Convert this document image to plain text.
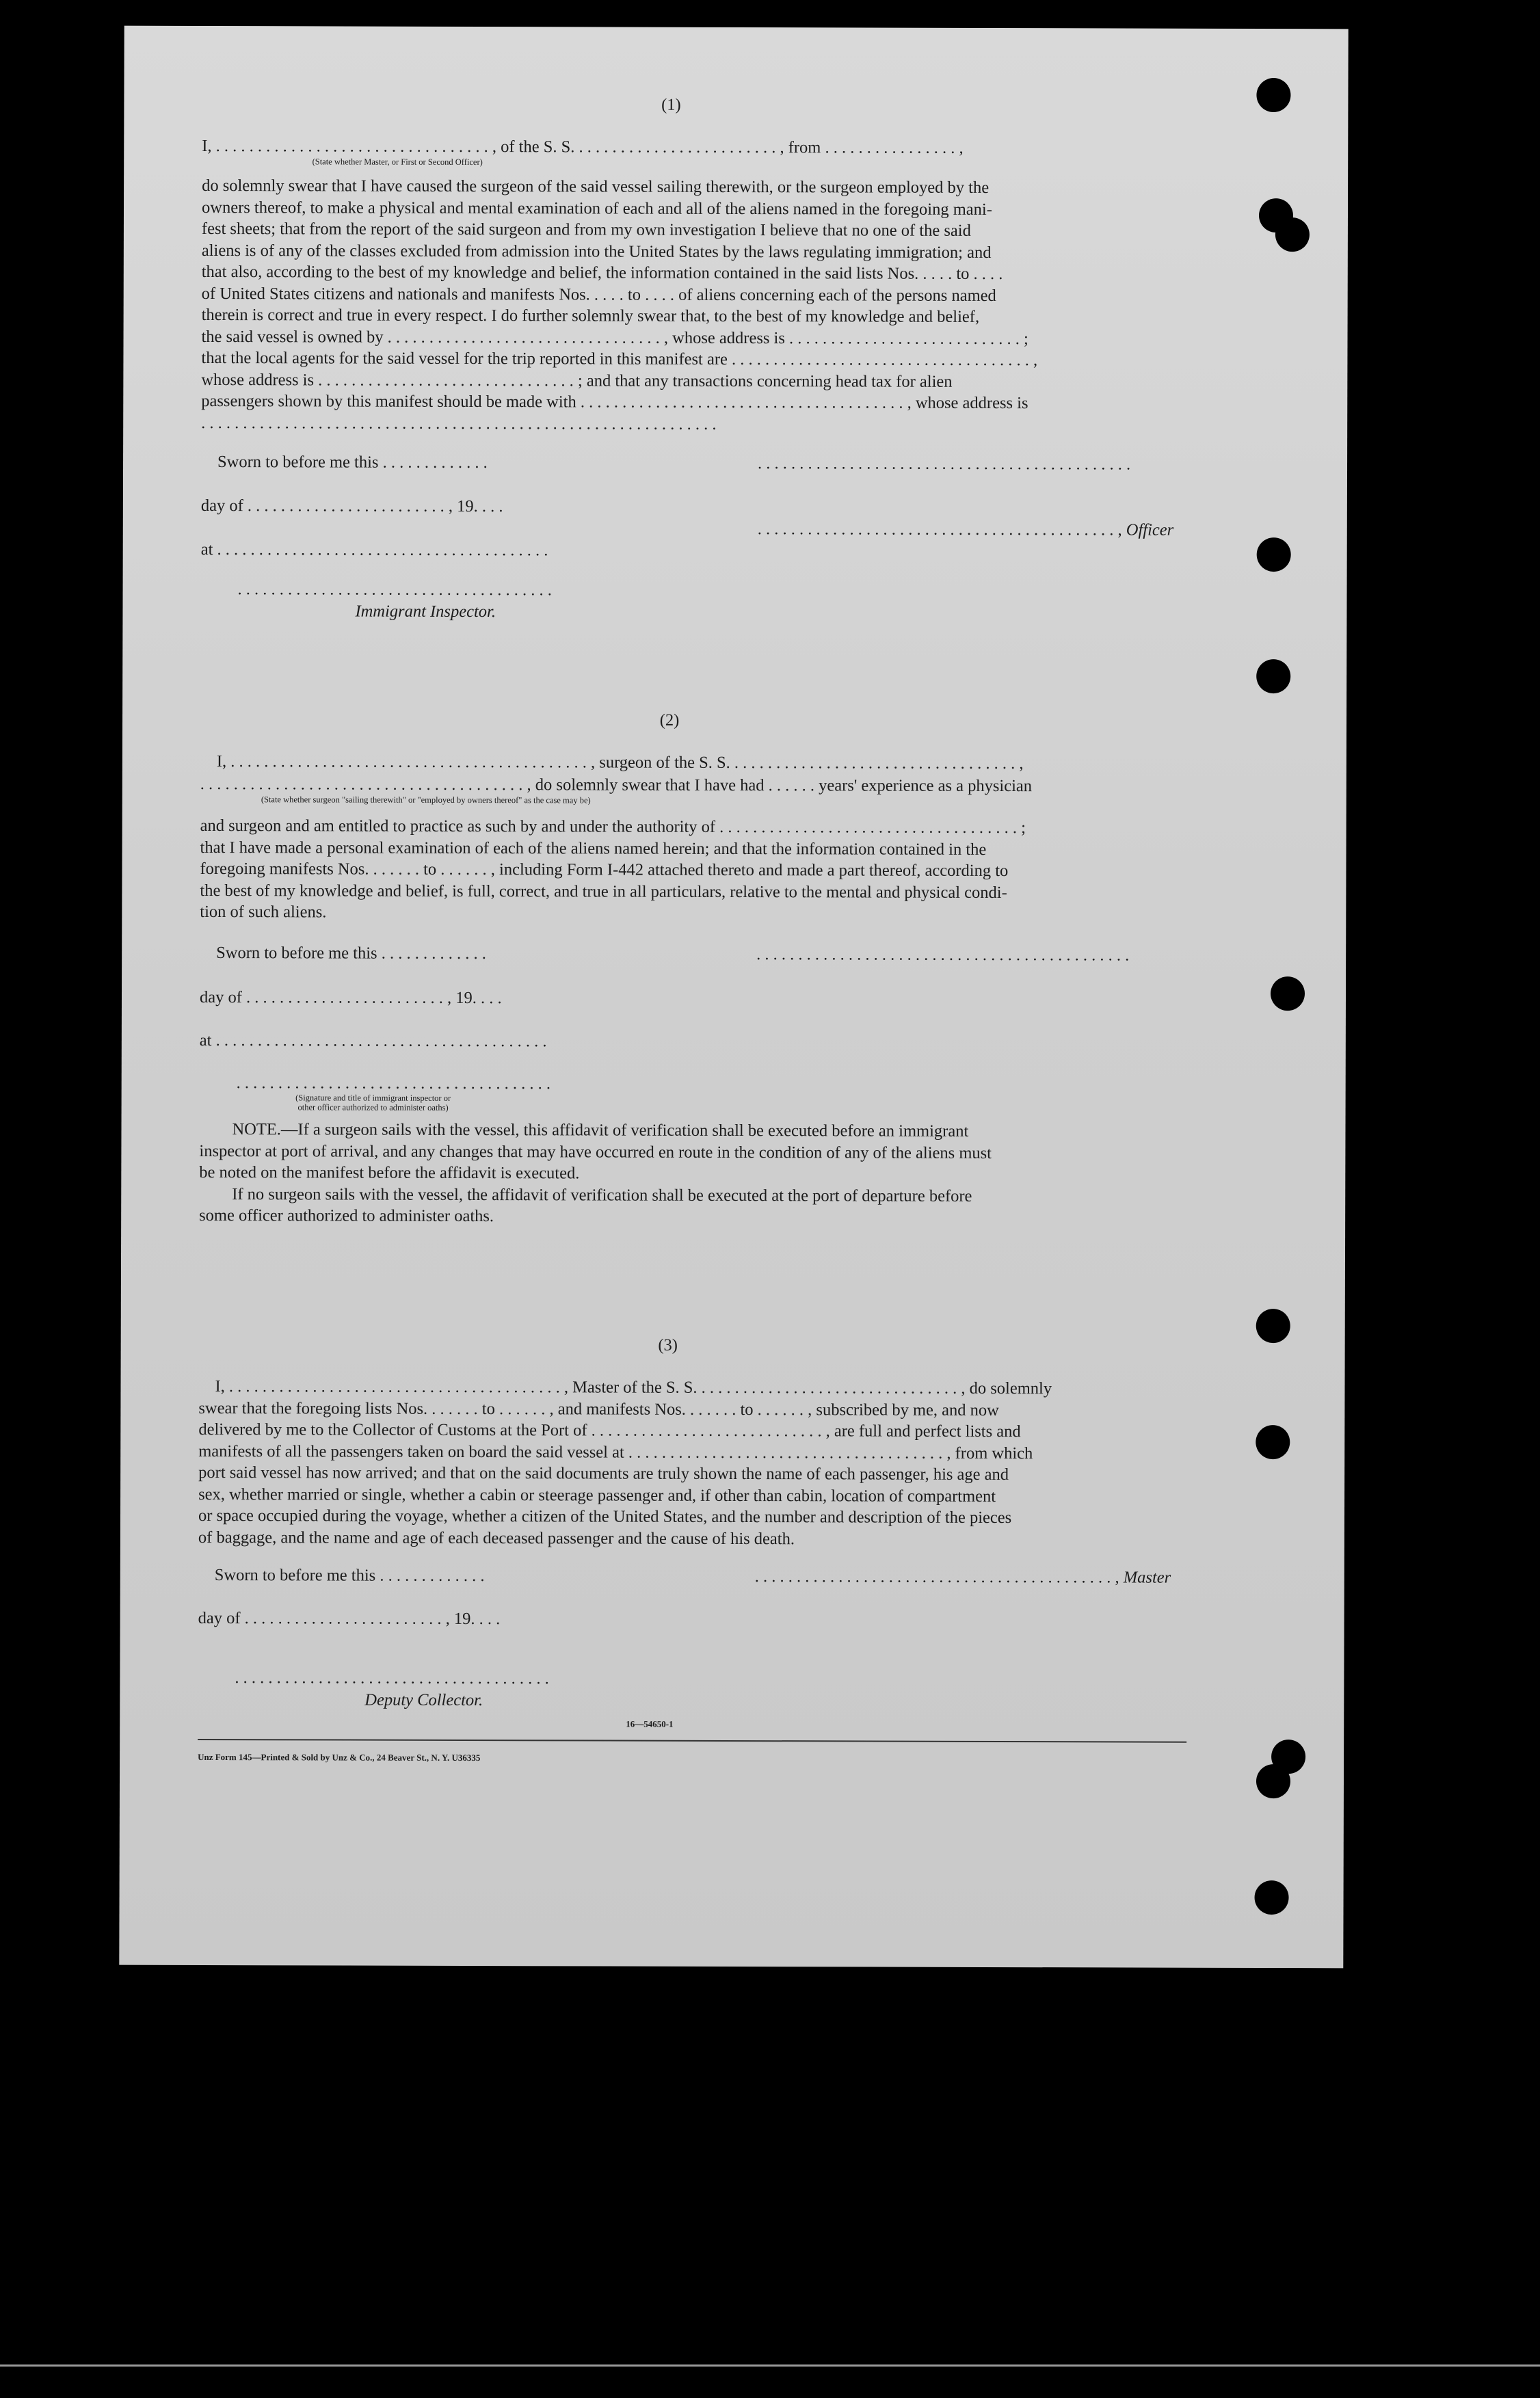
(1)
I, . . . . . . . . . . . . . . . . . . . . . . . . . . . . . . . . . , of the S. S. . . . . . . . . . . . . . . . . . . . . . . . . , from . . . . . . . . . . . . . . . . ,
(State whether Master, or First or Second Officer)
do solemnly swear that I have caused the surgeon of the said vessel sailing therewith, or the surgeon employed by the
owners thereof, to make a physical and mental examination of each and all of the aliens named in the foregoing mani-
fest sheets; that from the report of the said surgeon and from my own investigation I believe that no one of the said
aliens is of any of the classes excluded from admission into the United States by the laws regulating immigration; and
that also, according to the best of my knowledge and belief, the information contained in the said lists Nos. . . . . to . . . .
of United States citizens and nationals and manifests Nos. . . . . to . . . . of aliens concerning each of the persons named
therein is correct and true in every respect. I do further solemnly swear that, to the best of my knowledge and belief,
the said vessel is owned by . . . . . . . . . . . . . . . . . . . . . . . . . . . . . . . . . , whose address is . . . . . . . . . . . . . . . . . . . . . . . . . . . . ;
that the local agents for the said vessel for the trip reported in this manifest are . . . . . . . . . . . . . . . . . . . . . . . . . . . . . . . . . . . . ,
whose address is . . . . . . . . . . . . . . . . . . . . . . . . . . . . . . . ; and that any transactions concerning head tax for alien
passengers shown by this manifest should be made with . . . . . . . . . . . . . . . . . . . . . . . . . . . . . . . . . . . . . . . , whose address is
. . . . . . . . . . . . . . . . . . . . . . . . . . . . . . . . . . . . . . . . . . . . . . . . . . . . . . . . . . . . . .
Sworn to before me this . . . . . . . . . . . . .	. . . . . . . . . . . . . . . . . . . . . . . . . . . . . . . . . . . . . . . . . . . . .
day of . . . . . . . . . . . . . . . . . . . . . . . . , 19. . . .
. . . . . . . . . . . . . . . . . . . . . . . . . . . . . . . . . . . . . . . . . . . , Officer
at . . . . . . . . . . . . . . . . . . . . . . . . . . . . . . . . . . . . . . . .
. . . . . . . . . . . . . . . . . . . . . . . . . . . . . . . . . . . . . .
Immigrant Inspector.
(2)
I, . . . . . . . . . . . . . . . . . . . . . . . . . . . . . . . . . . . . . . . . . . . , surgeon of the S. S. . . . . . . . . . . . . . . . . . . . . . . . . . . . . . . . . . . ,
. . . . . . . . . . . . . . . . . . . . . . . . . . . . . . . . . . . . . . . , do solemnly swear that I have had . . . . . . years' experience as a physician
(State whether surgeon "sailing therewith" or "employed by owners thereof" as the case may be)
and surgeon and am entitled to practice as such by and under the authority of . . . . . . . . . . . . . . . . . . . . . . . . . . . . . . . . . . . . ;
that I have made a personal examination of each of the aliens named herein; and that the information contained in the
foregoing manifests Nos. . . . . . . to . . . . . . , including Form I-442 attached thereto and made a part thereof, according to
the best of my knowledge and belief, is full, correct, and true in all particulars, relative to the mental and physical condi-
tion of such aliens.
Sworn to before me this . . . . . . . . . . . . .	. . . . . . . . . . . . . . . . . . . . . . . . . . . . . . . . . . . . . . . . . . . . .
day of . . . . . . . . . . . . . . . . . . . . . . . . , 19. . . .
at . . . . . . . . . . . . . . . . . . . . . . . . . . . . . . . . . . . . . . . .
. . . . . . . . . . . . . . . . . . . . . . . . . . . . . . . . . . . . . .
(Signature and title of immigrant inspector or
other officer authorized to administer oaths)
NOTE.—If a surgeon sails with the vessel, this affidavit of verification shall be executed before an immigrant
inspector at port of arrival, and any changes that may have occurred en route in the condition of any of the aliens must
be noted on the manifest before the affidavit is executed.
If no surgeon sails with the vessel, the affidavit of verification shall be executed at the port of departure before
some officer authorized to administer oaths.
(3)
I, . . . . . . . . . . . . . . . . . . . . . . . . . . . . . . . . . . . . . . . . , Master of the S. S. . . . . . . . . . . . . . . . . . . . . . . . . . . . . . . . , do solemnly
swear that the foregoing lists Nos. . . . . . . to . . . . . . , and manifests Nos. . . . . . . to . . . . . . , subscribed by me, and now
delivered by me to the Collector of Customs at the Port of . . . . . . . . . . . . . . . . . . . . . . . . . . . . , are full and perfect lists and
manifests of all the passengers taken on board the said vessel at . . . . . . . . . . . . . . . . . . . . . . . . . . . . . . . . . . . . . . , from which
port said vessel has now arrived; and that on the said documents are truly shown the name of each passenger, his age and
sex, whether married or single, whether a cabin or steerage passenger and, if other than cabin, location of compartment
or space occupied during the voyage, whether a citizen of the United States, and the number and description of the pieces
of baggage, and the name and age of each deceased passenger and the cause of his death.
Sworn to before me this . . . . . . . . . . . . .	. . . . . . . . . . . . . . . . . . . . . . . . . . . . . . . . . . . . . . . . . . . , Master
day of . . . . . . . . . . . . . . . . . . . . . . . . , 19. . . .
. . . . . . . . . . . . . . . . . . . . . . . . . . . . . . . . . . . . . .
Deputy Collector.
16—54650-1
Unz Form 145—Printed & Sold by Unz & Co., 24 Beaver St., N. Y. U36335
